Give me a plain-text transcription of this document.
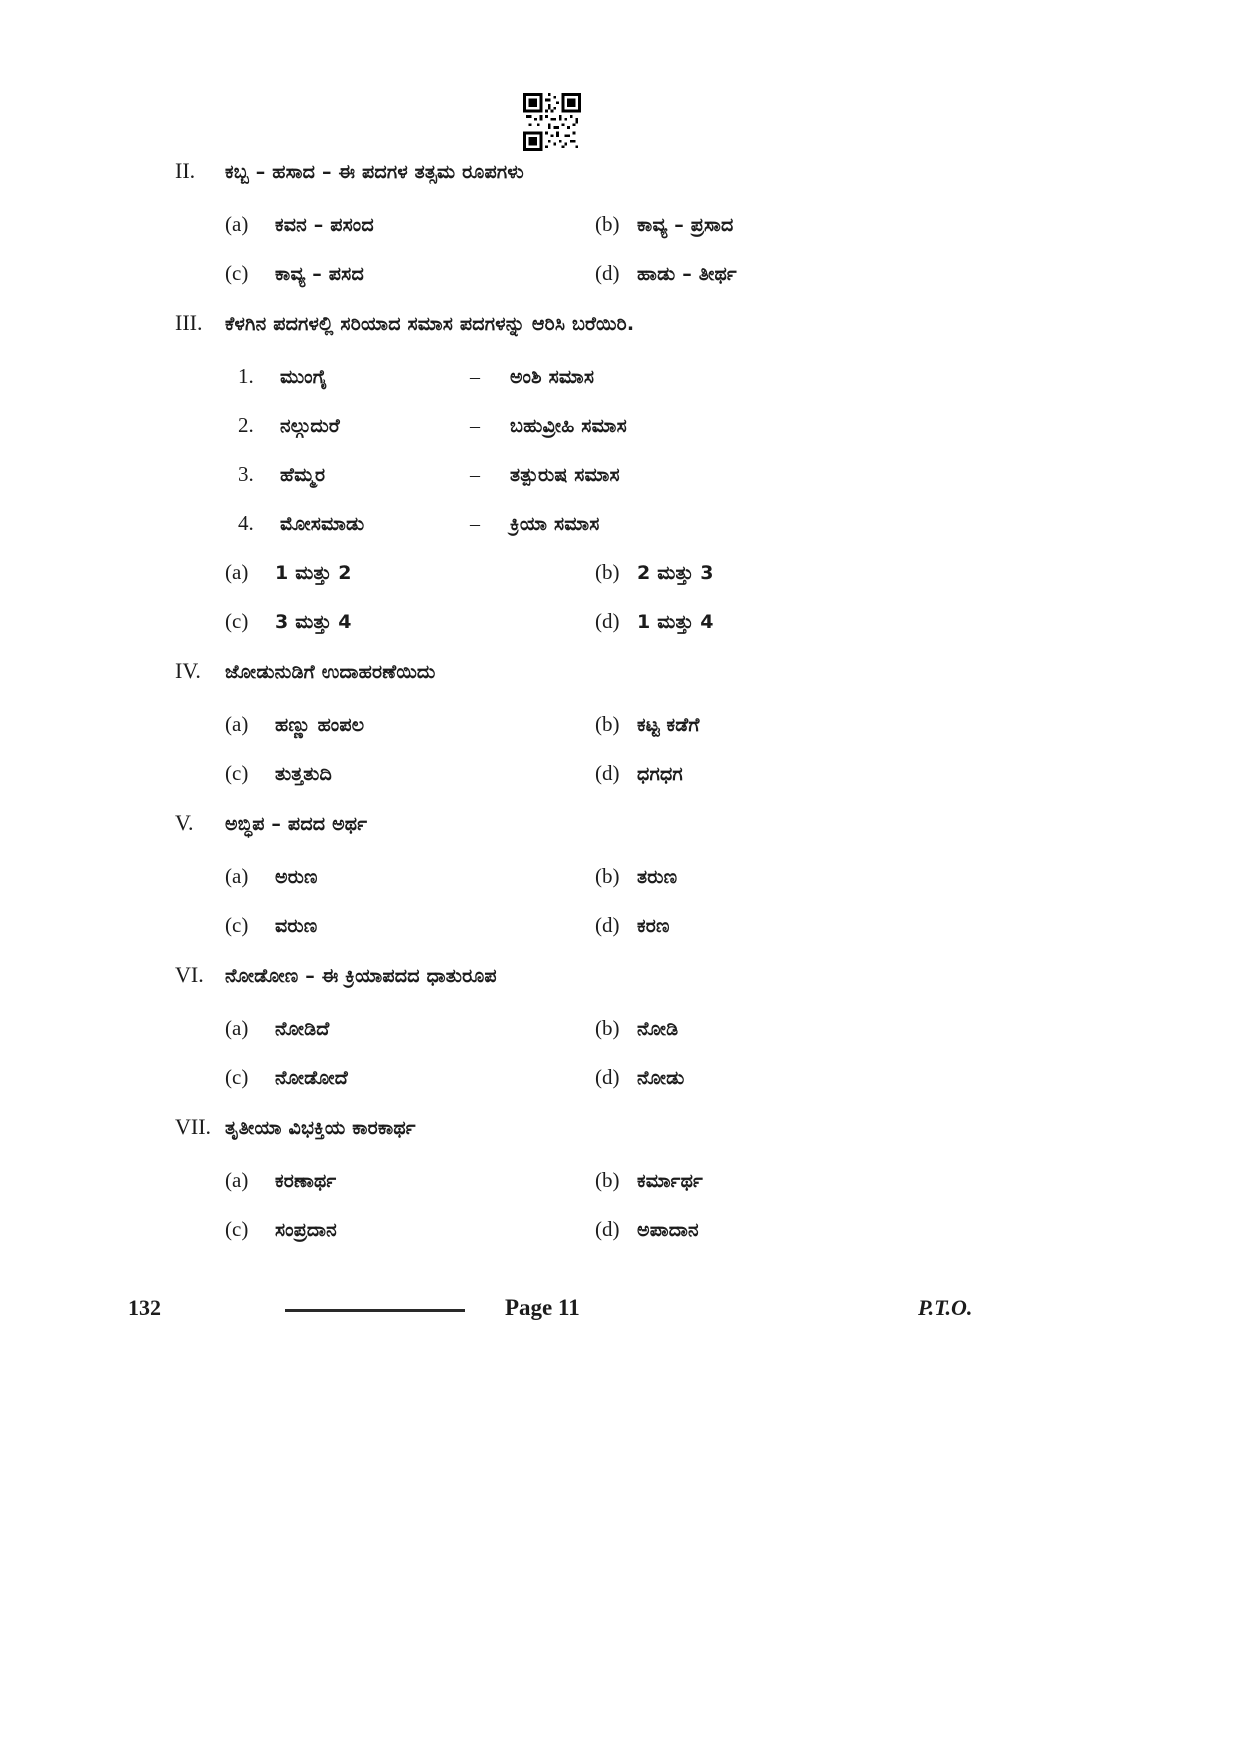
II.	ಕಬ್ಬ – ಹಸಾದ – ಈ ಪದಗಳ ತತ್ಸಮ ರೂಪಗಳು
(a)	ಕವನ – ಪಸಂದ	(b) ಕಾವ್ಯ – ಪ್ರಸಾದ
(c)	ಕಾವ್ಯ – ಪಸದ	(d) ಹಾಡು – ತೀರ್ಥ
III.	ಕೆಳಗಿನ ಪದಗಳಲ್ಲಿ ಸರಿಯಾದ ಸಮಾಸ ಪದಗಳನ್ನು ಆರಿಸಿ ಬರೆಯಿರಿ.
1.	ಮುಂಗೈ	–	ಅಂಶಿ ಸಮಾಸ
2.	ನಲ್ಗುದುರೆ	–	ಬಹುವ್ರೀಹಿ ಸಮಾಸ
3.	ಹೆಮ್ಮರ	–	ತತ್ಪುರುಷ ಸಮಾಸ
4.	ಮೋಸಮಾಡು	–	ಕ್ರಿಯಾ ಸಮಾಸ
(a)	1 ಮತ್ತು 2	(b) 2 ಮತ್ತು 3
(c)	3 ಮತ್ತು 4	(d) 1 ಮತ್ತು 4
IV.	ಜೋಡುನುಡಿಗೆ ಉದಾಹರಣೆಯಿದು
(a)	ಹಣ್ಣು ಹಂಪಲ	(b) ಕಟ್ಟ ಕಡೆಗೆ
(c)	ತುತ್ತತುದಿ	(d) ಧಗಧಗ
V.	ಅಬ್ಧಿಪ – ಪದದ ಅರ್ಥ
(a)	ಅರುಣ	(b) ತರುಣ
(c)	ವರುಣ	(d) ಕರಣ
VI.	ನೋಡೋಣ – ಈ ಕ್ರಿಯಾಪದದ ಧಾತುರೂಪ
(a)	ನೋಡಿದೆ	(b) ನೋಡಿ
(c)	ನೋಡೋದೆ	(d) ನೋಡು
VII. ತೃತೀಯಾ ವಿಭಕ್ತಿಯ ಕಾರಕಾರ್ಥ
(a)	ಕರಣಾರ್ಥ	(b) ಕರ್ಮಾರ್ಥ
(c)	ಸಂಪ್ರದಾನ	(d) ಅಪಾದಾನ
132	Page 11	P.T.O.
